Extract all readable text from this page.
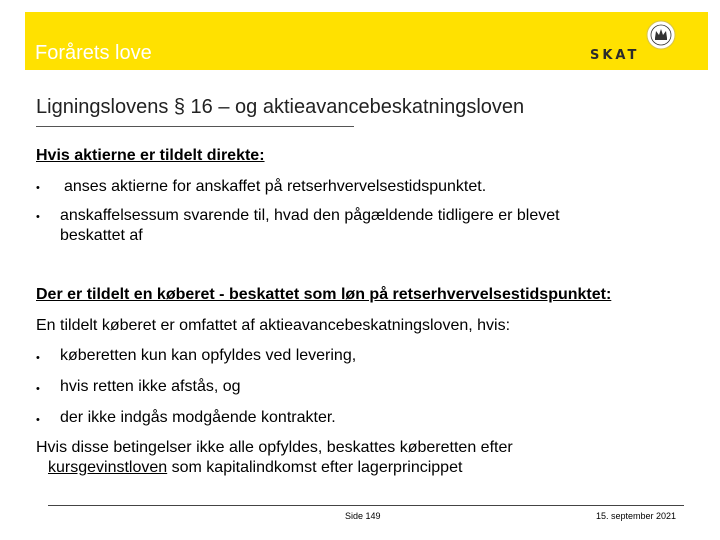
Forårets love	SKAT
Ligningslovens § 16 – og aktieavancebeskatningsloven
Hvis aktierne er tildelt direkte:
• anses aktierne for anskaffet på retserhvervelsestidspunktet.
• anskaffelsessum svarende til, hvad den pågældende tidligere er blevet
beskattet af
Der er tildelt en køberet - beskattet som løn på retserhvervelsestidspunktet:
En tildelt køberet er omfattet af aktieavancebeskatningsloven, hvis:
• køberetten kun kan opfyldes ved levering,
• hvis retten ikke afstås, og
• der ikke indgås modgående kontrakter.
Hvis disse betingelser ikke alle opfyldes, beskattes køberetten efter
kursgevinstloven som kapitalindkomst efter lagerprincippet
Side 149	15. september 2021
